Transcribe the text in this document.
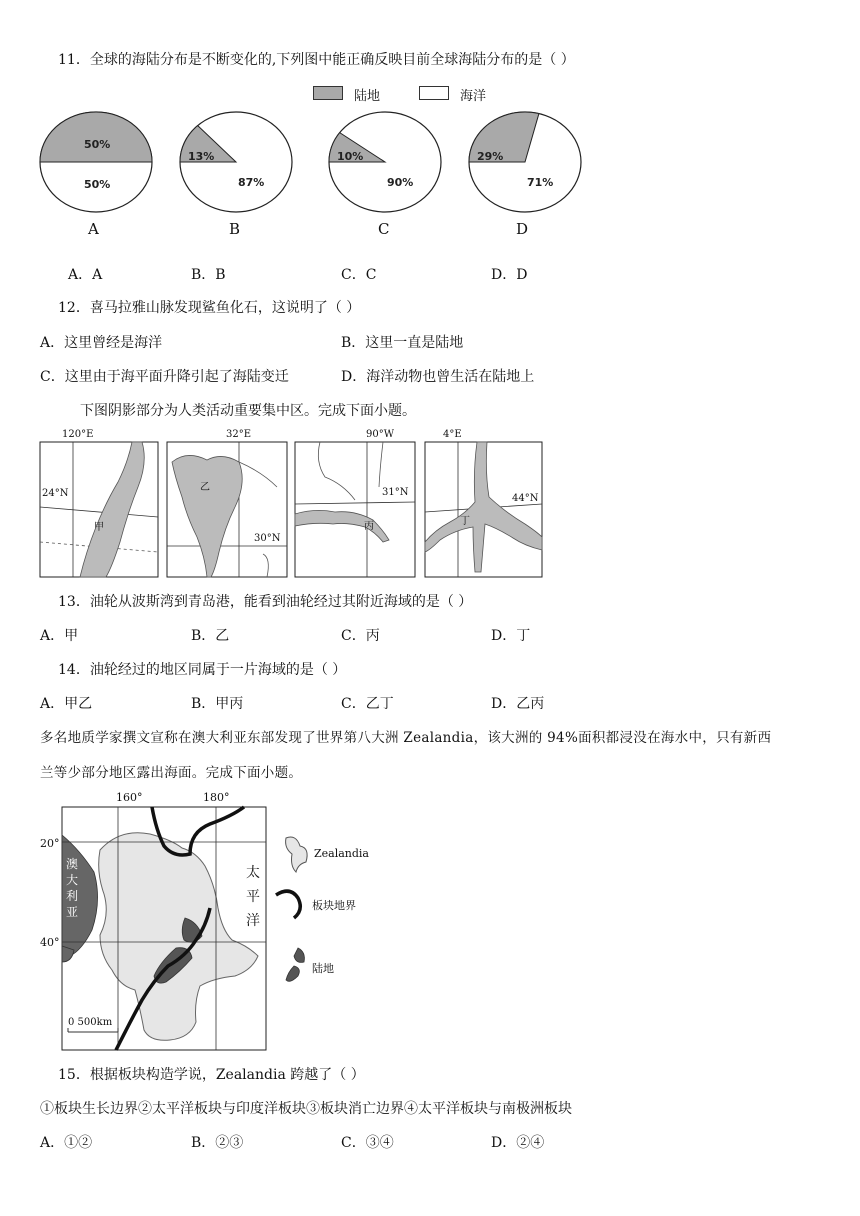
11．全球的海陆分布是不断变化的,下列图中能正确反映目前全球海陆分布的是（ ）
陆地	海洋
50%
50%
13%
87%
10%
90%
29%
71%
A	B	C	D
A．A	B．B	C．C	D．D
12．喜马拉雅山脉发现鲨鱼化石，这说明了（ ）
A．这里曾经是海洋	B．这里一直是陆地
C．这里由于海平面升降引起了海陆变迁	D．海洋动物也曾生活在陆地上
下图阴影部分为人类活动重要集中区。完成下面小题。
120°E
24°N
甲
32°E
30°N
乙
90°W
31°N
丙
4°E
44°N
丁
13．油轮从波斯湾到青岛港，能看到油轮经过其附近海域的是（ ）
A．甲	B．乙	C．丙	D．丁
14．油轮经过的地区同属于一片海域的是（ ）
A．甲乙	B．甲丙	C．乙丁	D．乙丙
多名地质学家撰文宣称在澳大利亚东部发现了世界第八大洲 Zealandia，该大洲的 94%面积都浸没在海水中，只有新西
兰等少部分地区露出海面。完成下面小题。
160°	180°
20°
40°
澳
大
利
亚
太
平
洋
0 500km
Zealandia
板块地界
陆地
15．根据板块构造学说，Zealandia 跨越了（ ）
①板块生长边界②太平洋板块与印度洋板块③板块消亡边界④太平洋板块与南极洲板块
A．①②	B．②③	C．③④	D．②④
